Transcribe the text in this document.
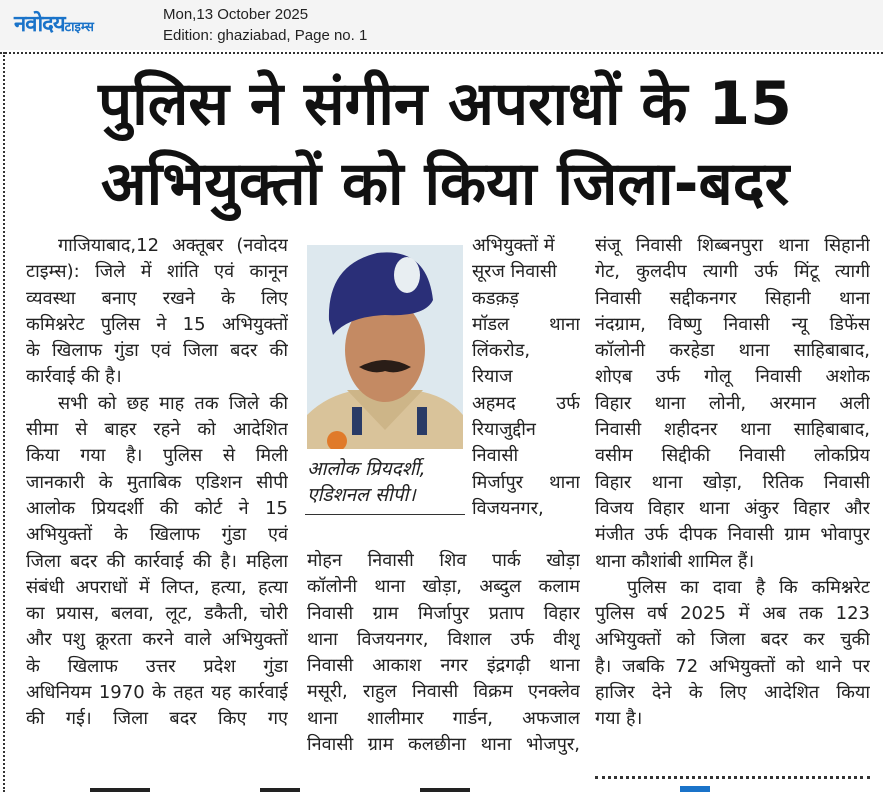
नवोदयटाइम्स
Mon,13 October 2025
Edition: ghaziabad, Page no. 1
पुलिस ने संगीन अपराधों के 15
अभियुक्तों को किया जिला-बदर
गाजियाबाद,12 अक्तूबर (नवोदय
टाइम्स): जिले में शांति एवं कानून
व्यवस्था बनाए रखने के लिए
कमिश्नरेट पुलिस ने 15 अभियुक्तों
के खिलाफ गुंडा एवं जिला बदर की
कार्रवाई की है।
सभी को छह माह तक जिले की
सीमा से बाहर रहने को आदेशित
किया गया है। पुलिस से मिली
जानकारी के मुताबिक एडिशन सीपी
आलोक प्रियदर्शी की कोर्ट ने 15
अभियुक्तों के खिलाफ गुंडा एवं
जिला बदर की कार्रवाई की है। महिला
संबंधी अपराधों में लिप्त, हत्या, हत्या
का प्रयास, बलवा, लूट, डकैती, चोरी
और पशु क्रूरता करने वाले अभियुक्तों
के खिलाफ उत्तर प्रदेश गुंडा
अधिनियम 1970 के तहत यह कार्रवाई
की गई। जिला बदर किए गए
आलोक प्रियदर्शी,
एडिशनल सीपी।
अभियुक्तों में
सूरज निवासी
कडक़ड़
मॉडल थाना
लिंकरोड,
रियाज
अहमद उर्फ
रियाजुद्दीन
निवासी
मिर्जापुर थाना
विजयनगर,
मोहन निवासी शिव पार्क खोड़ा
कॉलोनी थाना खोड़ा, अब्दुल कलाम
निवासी ग्राम मिर्जापुर प्रताप विहार
थाना विजयनगर, विशाल उर्फ वीशू
निवासी आकाश नगर इंद्रगढ़ी थाना
मसूरी, राहुल निवासी विक्रम एनक्लेव
थाना शालीमार गार्डन, अफजाल
निवासी ग्राम कलछीना थाना भोजपुर,
संजू निवासी शिब्बनपुरा थाना सिहानी
गेट, कुलदीप त्यागी उर्फ मिंटू त्यागी
निवासी सद्दीकनगर सिहानी थाना
नंदग्राम, विष्णु निवासी न्यू डिफेंस
कॉलोनी करहेडा थाना साहिबाबाद,
शोएब उर्फ गोलू निवासी अशोक
विहार थाना लोनी, अरमान अली
निवासी शहीदनर थाना साहिबाबाद,
वसीम सिद्दीकी निवासी लोकप्रिय
विहार थाना खोड़ा, रितिक निवासी
विजय विहार थाना अंकुर विहार और
मंजीत उर्फ दीपक निवासी ग्राम भोवापुर
थाना कौशांबी शामिल हैं।
पुलिस का दावा है कि कमिश्नरेट
पुलिस वर्ष 2025 में अब तक 123
अभियुक्तों को जिला बदर कर चुकी
है। जबकि 72 अभियुक्तों को थाने पर
हाजिर देने के लिए आदेशित किया
गया है।
